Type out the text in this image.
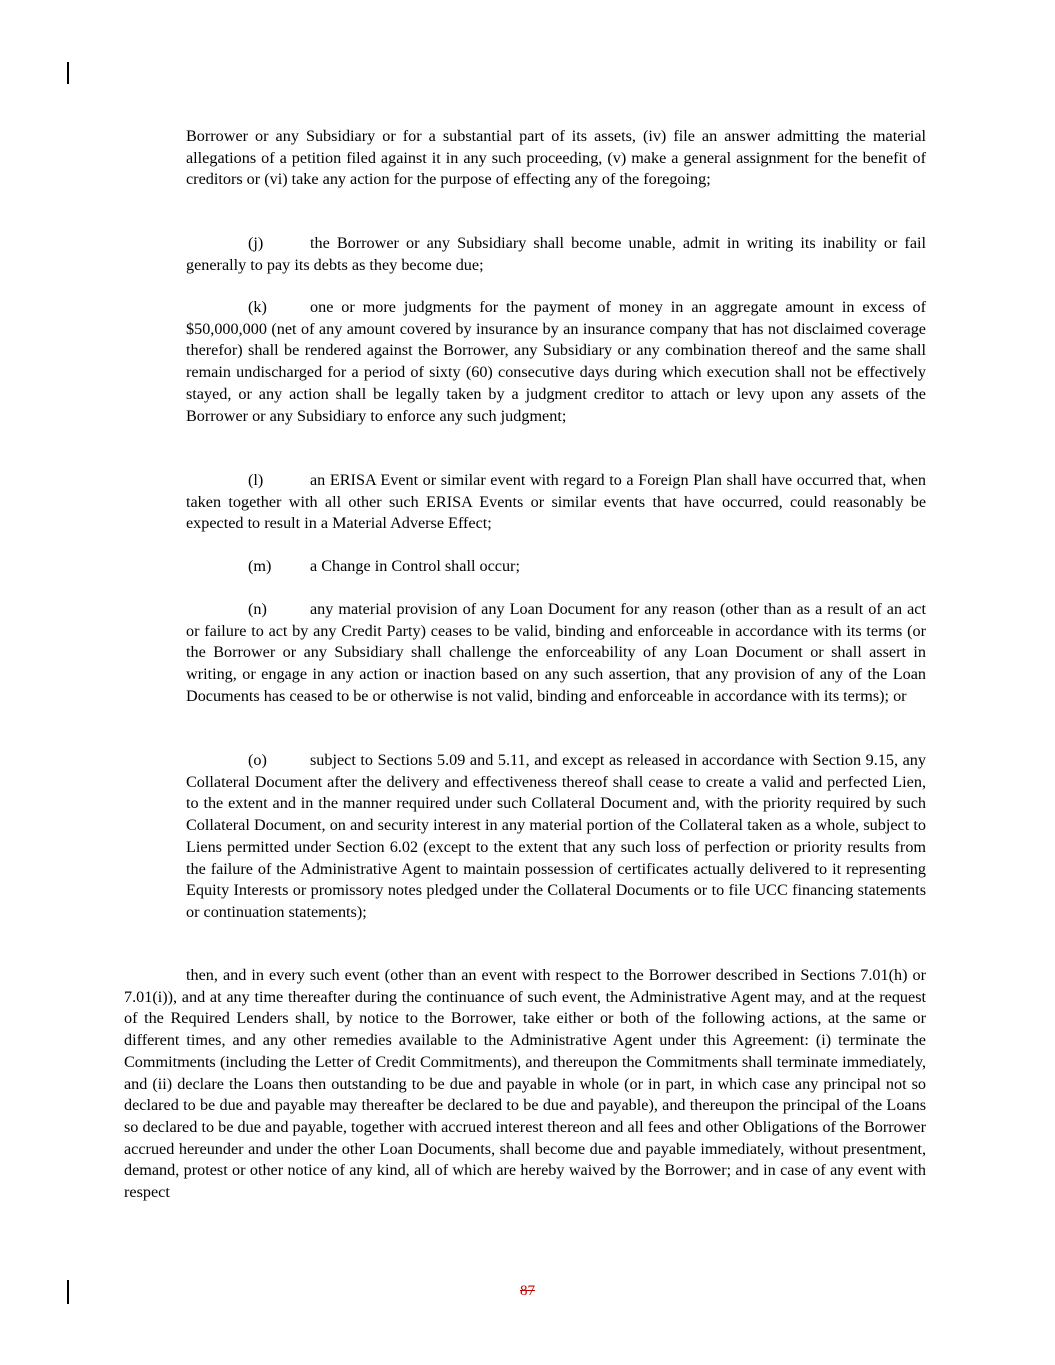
Borrower or any Subsidiary or for a substantial part of its assets, (iv) file an answer admitting the material allegations of a petition filed against it in any such proceeding, (v) make a general assignment for the benefit of creditors or (vi) take any action for the purpose of effecting any of the foregoing;
(j)	the Borrower or any Subsidiary shall become unable, admit in writing its inability or fail generally to pay its debts as they become due;
(k)	one or more judgments for the payment of money in an aggregate amount in excess of $50,000,000 (net of any amount covered by insurance by an insurance company that has not disclaimed coverage therefor) shall be rendered against the Borrower, any Subsidiary or any combination thereof and the same shall remain undischarged for a period of sixty (60) consecutive days during which execution shall not be effectively stayed, or any action shall be legally taken by a judgment creditor to attach or levy upon any assets of the Borrower or any Subsidiary to enforce any such judgment;
(l)	an ERISA Event or similar event with regard to a Foreign Plan shall have occurred that, when taken together with all other such ERISA Events or similar events that have occurred, could reasonably be expected to result in a Material Adverse Effect;
(m) a Change in Control shall occur;
(n)	any material provision of any Loan Document for any reason (other than as a result of an act or failure to act by any Credit Party) ceases to be valid, binding and enforceable in accordance with its terms (or the Borrower or any Subsidiary shall challenge the enforceability of any Loan Document or shall assert in writing, or engage in any action or inaction based on any such assertion, that any provision of any of the Loan Documents has ceased to be or otherwise is not valid, binding and enforceable in accordance with its terms); or
(o)	subject to Sections 5.09 and 5.11, and except as released in accordance with Section 9.15, any Collateral Document after the delivery and effectiveness thereof shall cease to create a valid and perfected Lien, to the extent and in the manner required under such Collateral Document and, with the priority required by such Collateral Document, on and security interest in any material portion of the Collateral taken as a whole, subject to Liens permitted under Section 6.02 (except to the extent that any such loss of perfection or priority results from the failure of the Administrative Agent to maintain possession of certificates actually delivered to it representing Equity Interests or promissory notes pledged under the Collateral Documents or to file UCC financing statements or continuation statements);
then, and in every such event (other than an event with respect to the Borrower described in Sections 7.01(h) or 7.01(i)), and at any time thereafter during the continuance of such event, the Administrative Agent may, and at the request of the Required Lenders shall, by notice to the Borrower, take either or both of the following actions, at the same or different times, and any other remedies available to the Administrative Agent under this Agreement: (i) terminate the Commitments (including the Letter of Credit Commitments), and thereupon the Commitments shall terminate immediately, and (ii) declare the Loans then outstanding to be due and payable in whole (or in part, in which case any principal not so declared to be due and payable may thereafter be declared to be due and payable), and thereupon the principal of the Loans so declared to be due and payable, together with accrued interest thereon and all fees and other Obligations of the Borrower accrued hereunder and under the other Loan Documents, shall become due and payable immediately, without presentment, demand, protest or other notice of any kind, all of which are hereby waived by the Borrower; and in case of any event with respect
87
